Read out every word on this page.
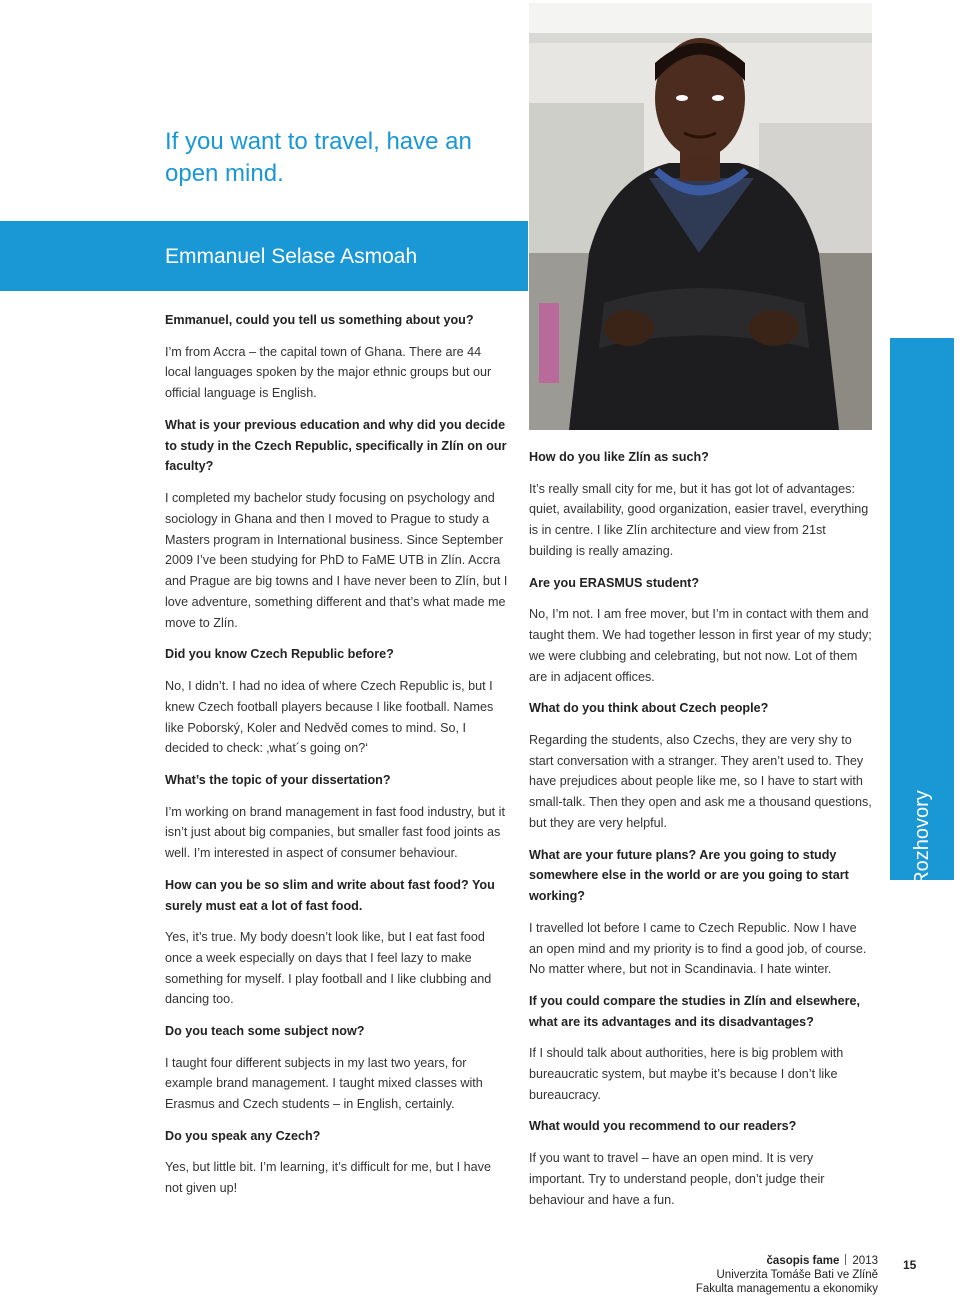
If you want to travel, have an open mind.
Emmanuel Selase Asmoah

Emmanuel, could you tell us something about you?

I’m from Accra – the capital town of Ghana. There are 44 local languages spoken by the major ethnic groups but our official language is English.

What is your previous education and why did you decide to study in the Czech Republic, specifically in Zlín on our faculty?

I completed my bachelor study focusing on psychology and sociology in Ghana and then I moved to Prague to study a Masters program in International business. Since September 2009 I’ve been studying for PhD to FaME UTB in Zlín. Accra and Prague are big towns and I have never been to Zlín, but I love adventure, something different and that’s what made me move to Zlín.

Did you know Czech Republic before?

No, I didn’t. I had no idea of where Czech Republic is, but I knew Czech football players because I like football. Names like Poborský, Koler and Nedvěd comes to mind. So, I decided to check: ‚what´s going on?‘

What’s the topic of your dissertation?

I’m working on brand management in fast food industry, but it isn’t just about big companies, but smaller fast food joints as well. I’m interested in aspect of consumer behaviour.

How can you be so slim and write about fast food? You surely must eat a lot of fast food.

Yes, it’s true. My body doesn’t look like, but I eat fast food once a week especially on days that I feel lazy to make something for myself. I play football and I like clubbing and dancing too.

Do you teach some subject now?

I taught four different subjects in my last two years, for example brand management. I taught mixed classes with Erasmus and Czech students – in English, certainly.

Do you speak any Czech?

Yes, but little bit. I’m learning, it’s difficult for me, but I have not given up!

How do you like Zlín as such?

It’s really small city for me, but it has got lot of advantages: quiet, availability, good organization, easier travel, everything is in centre. I like Zlín architecture and view from 21st building is really amazing.

Are you ERASMUS student?

No, I’m not. I am free mover, but I’m in contact with them and taught them. We had together lesson in first year of my study; we were clubbing and celebrating, but not now. Lot of them are in adjacent offices.

What do you think about Czech people?

Regarding the students, also Czechs, they are very shy to start conversation with a stranger. They aren’t used to. They have prejudices about people like me, so I have to start with small-talk. Then they open and ask me a thousand questions, but they are very helpful.

What are your future plans? Are you going to study somewhere else in the world or are you going to start working?

I travelled lot before I came to Czech Republic. Now I have an open mind and my priority is to find a good job, of course. No matter where, but not in Scandinavia. I hate winter.

If you could compare the studies in Zlín and elsewhere, what are its advantages and its disadvantages?

If I should talk about authorities, here is big problem with bureaucratic system, but maybe it’s because I don’t like bureaucracy.

What would you recommend to our readers?

If you want to travel – have an open mind. It is very important. Try to understand people, don’t judge their behaviour and have a fun.

Rozhovory
časopis fame 2013
Univerzita Tomáše Bati ve Zlíně
Fakulta managementu a ekonomiky
15
